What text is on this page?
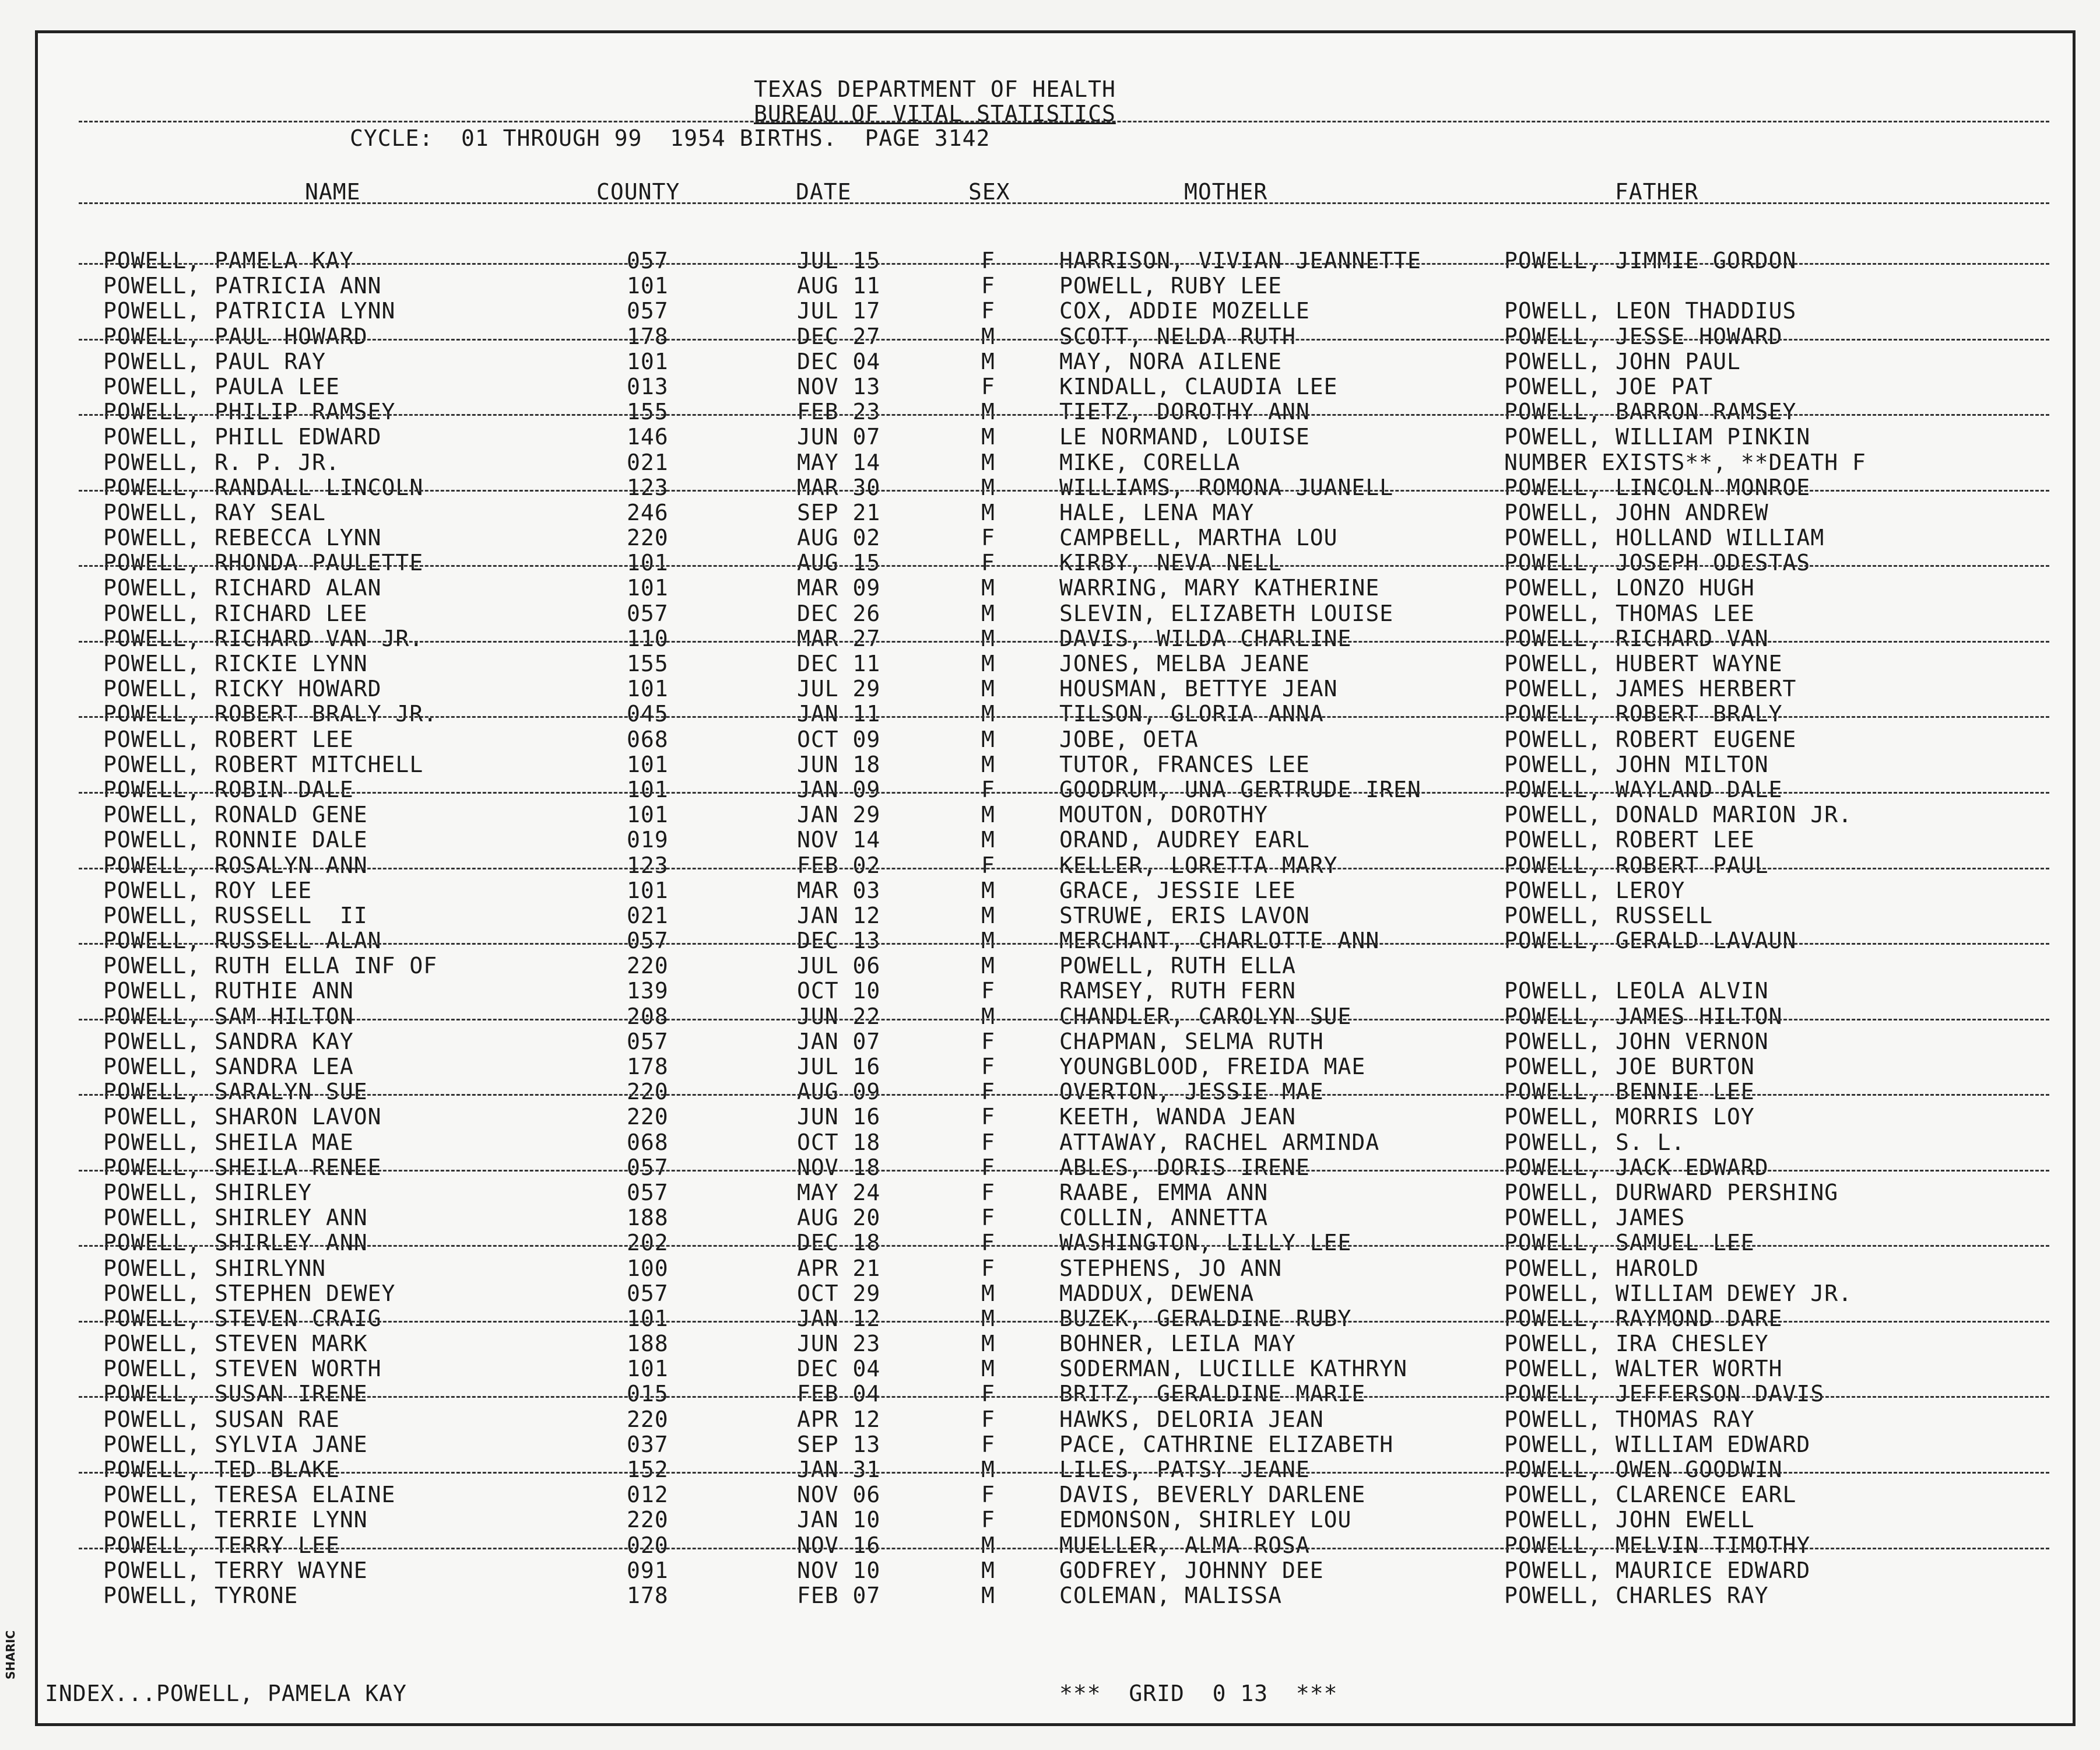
TEXAS DEPARTMENT OF HEALTH
BUREAU OF VITAL STATISTICS
CYCLE:  01 THROUGH 99  1954 BIRTHS.  PAGE 3142
NAME	COUNTY	DATE	SEX	MOTHER	FATHER
POWELL, PAMELA KAY	057	JUL 15	F	HARRISON, VIVIAN JEANNETTE	POWELL, JIMMIE GORDON
POWELL, PATRICIA ANN	101	AUG 11	F	POWELL, RUBY LEE
POWELL, PATRICIA LYNN	057	JUL 17	F	COX, ADDIE MOZELLE	POWELL, LEON THADDIUS
POWELL, PAUL HOWARD	178	DEC 27	M	SCOTT, NELDA RUTH	POWELL, JESSE HOWARD
POWELL, PAUL RAY	101	DEC 04	M	MAY, NORA AILENE	POWELL, JOHN PAUL
POWELL, PAULA LEE	013	NOV 13	F	KINDALL, CLAUDIA LEE	POWELL, JOE PAT
POWELL, PHILIP RAMSEY	155	FEB 23	M	TIETZ, DOROTHY ANN	POWELL, BARRON RAMSEY
POWELL, PHILL EDWARD	146	JUN 07	M	LE NORMAND, LOUISE	POWELL, WILLIAM PINKIN
POWELL, R. P. JR.	021	MAY 14	M	MIKE, CORELLA	NUMBER EXISTS**, **DEATH F
POWELL, RANDALL LINCOLN	123	MAR 30	M	WILLIAMS, ROMONA JUANELL	POWELL, LINCOLN MONROE
POWELL, RAY SEAL	246	SEP 21	M	HALE, LENA MAY	POWELL, JOHN ANDREW
POWELL, REBECCA LYNN	220	AUG 02	F	CAMPBELL, MARTHA LOU	POWELL, HOLLAND WILLIAM
POWELL, RHONDA PAULETTE	101	AUG 15	F	KIRBY, NEVA NELL	POWELL, JOSEPH ODESTAS
POWELL, RICHARD ALAN	101	MAR 09	M	WARRING, MARY KATHERINE	POWELL, LONZO HUGH
POWELL, RICHARD LEE	057	DEC 26	M	SLEVIN, ELIZABETH LOUISE	POWELL, THOMAS LEE
POWELL, RICHARD VAN JR.	110	MAR 27	M	DAVIS, WILDA CHARLINE	POWELL, RICHARD VAN
POWELL, RICKIE LYNN	155	DEC 11	M	JONES, MELBA JEANE	POWELL, HUBERT WAYNE
POWELL, RICKY HOWARD	101	JUL 29	M	HOUSMAN, BETTYE JEAN	POWELL, JAMES HERBERT
POWELL, ROBERT BRALY JR.	045	JAN 11	M	TILSON, GLORIA ANNA	POWELL, ROBERT BRALY
POWELL, ROBERT LEE	068	OCT 09	M	JOBE, OETA	POWELL, ROBERT EUGENE
POWELL, ROBERT MITCHELL	101	JUN 18	M	TUTOR, FRANCES LEE	POWELL, JOHN MILTON
POWELL, ROBIN DALE	101	JAN 09	F	GOODRUM, UNA GERTRUDE IREN	POWELL, WAYLAND DALE
POWELL, RONALD GENE	101	JAN 29	M	MOUTON, DOROTHY	POWELL, DONALD MARION JR.
POWELL, RONNIE DALE	019	NOV 14	M	ORAND, AUDREY EARL	POWELL, ROBERT LEE
POWELL, ROSALYN ANN	123	FEB 02	F	KELLER, LORETTA MARY	POWELL, ROBERT PAUL
POWELL, ROY LEE	101	MAR 03	M	GRACE, JESSIE LEE	POWELL, LEROY
POWELL, RUSSELL  II	021	JAN 12	M	STRUWE, ERIS LAVON	POWELL, RUSSELL
POWELL, RUSSELL ALAN	057	DEC 13	M	MERCHANT, CHARLOTTE ANN	POWELL, GERALD LAVAUN
POWELL, RUTH ELLA INF OF	220	JUL 06	M	POWELL, RUTH ELLA
POWELL, RUTHIE ANN	139	OCT 10	F	RAMSEY, RUTH FERN	POWELL, LEOLA ALVIN
POWELL, SAM HILTON	208	JUN 22	M	CHANDLER, CAROLYN SUE	POWELL, JAMES HILTON
POWELL, SANDRA KAY	057	JAN 07	F	CHAPMAN, SELMA RUTH	POWELL, JOHN VERNON
POWELL, SANDRA LEA	178	JUL 16	F	YOUNGBLOOD, FREIDA MAE	POWELL, JOE BURTON
POWELL, SARALYN SUE	220	AUG 09	F	OVERTON, JESSIE MAE	POWELL, BENNIE LEE
POWELL, SHARON LAVON	220	JUN 16	F	KEETH, WANDA JEAN	POWELL, MORRIS LOY
POWELL, SHEILA MAE	068	OCT 18	F	ATTAWAY, RACHEL ARMINDA	POWELL, S. L.
POWELL, SHEILA RENEE	057	NOV 18	F	ABLES, DORIS IRENE	POWELL, JACK EDWARD
POWELL, SHIRLEY	057	MAY 24	F	RAABE, EMMA ANN	POWELL, DURWARD PERSHING
POWELL, SHIRLEY ANN	188	AUG 20	F	COLLIN, ANNETTA	POWELL, JAMES
POWELL, SHIRLEY ANN	202	DEC 18	F	WASHINGTON, LILLY LEE	POWELL, SAMUEL LEE
POWELL, SHIRLYNN	100	APR 21	F	STEPHENS, JO ANN	POWELL, HAROLD
POWELL, STEPHEN DEWEY	057	OCT 29	M	MADDUX, DEWENA	POWELL, WILLIAM DEWEY JR.
POWELL, STEVEN CRAIG	101	JAN 12	M	BUZEK, GERALDINE RUBY	POWELL, RAYMOND DARE
POWELL, STEVEN MARK	188	JUN 23	M	BOHNER, LEILA MAY	POWELL, IRA CHESLEY
POWELL, STEVEN WORTH	101	DEC 04	M	SODERMAN, LUCILLE KATHRYN	POWELL, WALTER WORTH
POWELL, SUSAN IRENE	015	FEB 04	F	BRITZ, GERALDINE MARIE	POWELL, JEFFERSON DAVIS
POWELL, SUSAN RAE	220	APR 12	F	HAWKS, DELORIA JEAN	POWELL, THOMAS RAY
POWELL, SYLVIA JANE	037	SEP 13	F	PACE, CATHRINE ELIZABETH	POWELL, WILLIAM EDWARD
POWELL, TED BLAKE	152	JAN 31	M	LILES, PATSY JEANE	POWELL, OWEN GOODWIN
POWELL, TERESA ELAINE	012	NOV 06	F	DAVIS, BEVERLY DARLENE	POWELL, CLARENCE EARL
POWELL, TERRIE LYNN	220	JAN 10	F	EDMONSON, SHIRLEY LOU	POWELL, JOHN EWELL
POWELL, TERRY LEE	020	NOV 16	M	MUELLER, ALMA ROSA	POWELL, MELVIN TIMOTHY
POWELL, TERRY WAYNE	091	NOV 10	M	GODFREY, JOHNNY DEE	POWELL, MAURICE EDWARD
POWELL, TYRONE	178	FEB 07	M	COLEMAN, MALISSA	POWELL, CHARLES RAY
INDEX...POWELL, PAMELA KAY	***  GRID  0 13  ***
SHARIC
